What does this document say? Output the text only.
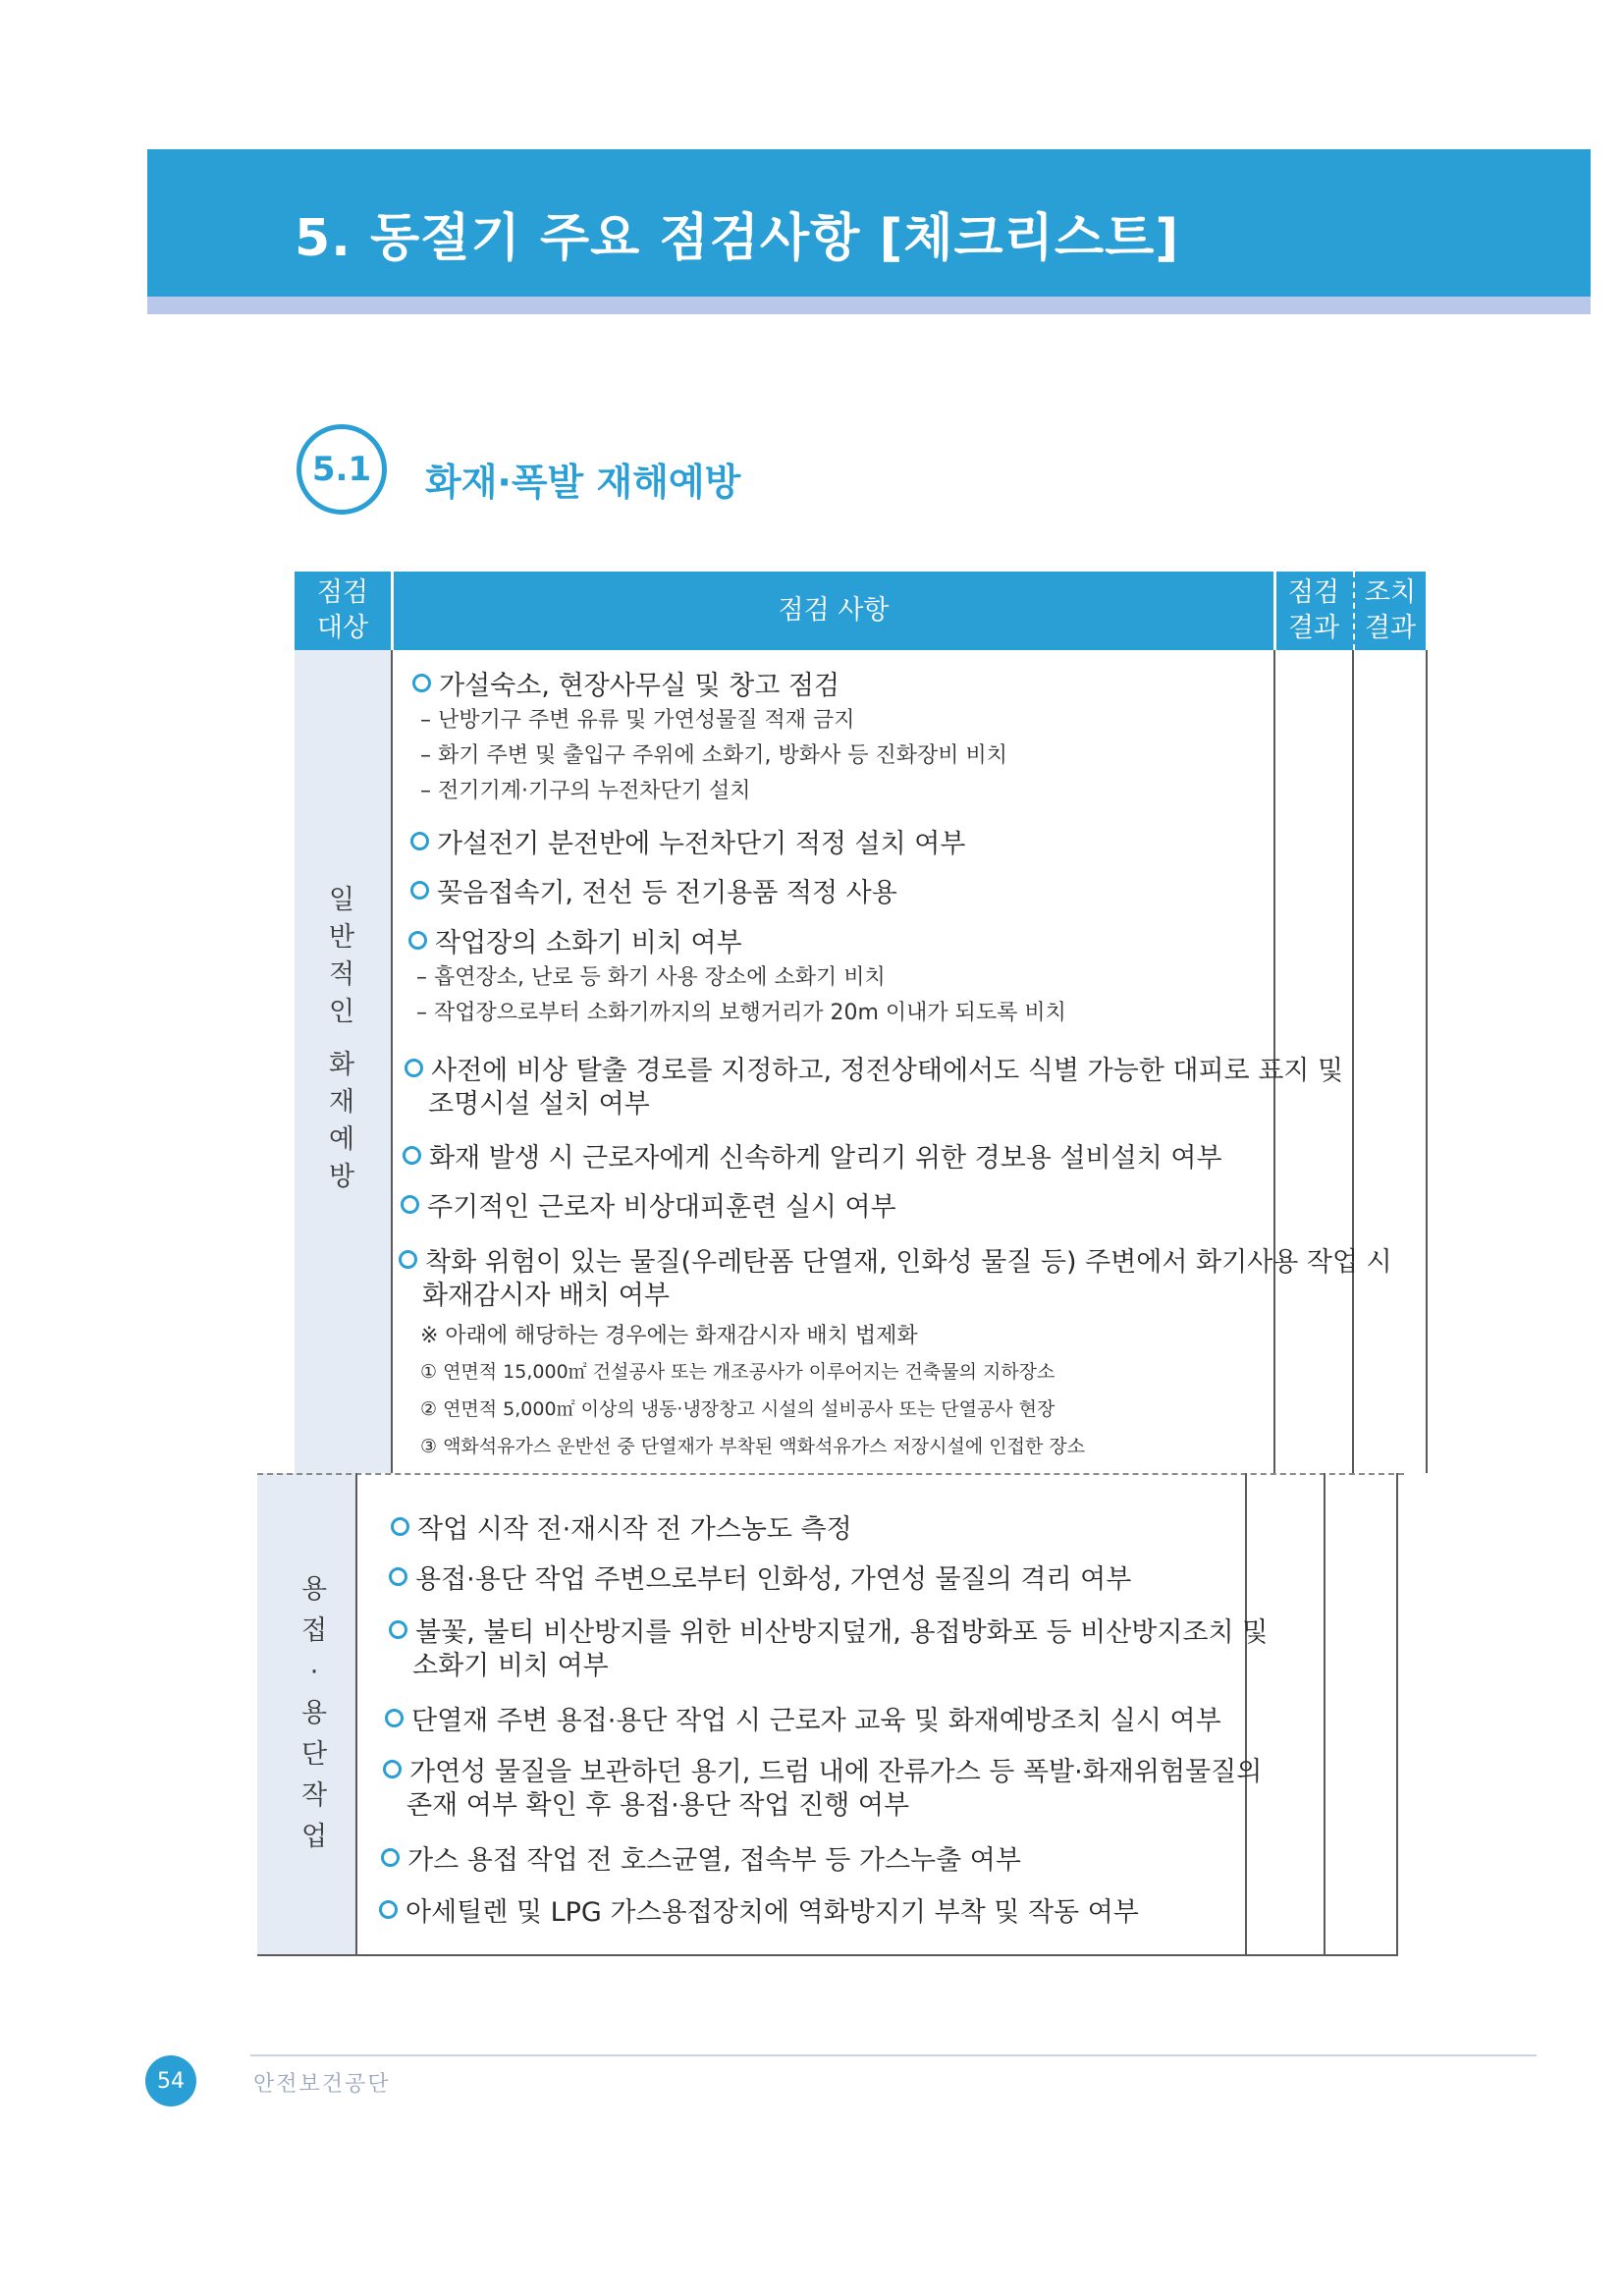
5. 동절기 주요 점검사항 [체크리스트]
5.1	화재·폭발 재해예방
점검
대상
점검 사항
점검
결과
조치
결과
일
반
적
인
화
재
예
방
용
접
·
용
단
작
업
가설숙소, 현장사무실 및 창고 점검
– 난방기구 주변 유류 및 가연성물질 적재 금지
– 화기 주변 및 출입구 주위에 소화기, 방화사 등 진화장비 비치
– 전기기계·기구의 누전차단기 설치
가설전기 분전반에 누전차단기 적정 설치 여부
꽂음접속기, 전선 등 전기용품 적정 사용
작업장의 소화기 비치 여부
– 흡연장소, 난로 등 화기 사용 장소에 소화기 비치
– 작업장으로부터 소화기까지의 보행거리가 20m 이내가 되도록 비치
사전에 비상 탈출 경로를 지정하고, 정전상태에서도 식별 가능한 대피로 표지 및
조명시설 설치 여부
화재 발생 시 근로자에게 신속하게 알리기 위한 경보용 설비설치 여부
주기적인 근로자 비상대피훈련 실시 여부
착화 위험이 있는 물질(우레탄폼 단열재, 인화성 물질 등) 주변에서 화기사용 작업 시
화재감시자 배치 여부
※ 아래에 해당하는 경우에는 화재감시자 배치 법제화
① 연면적 15,000㎡ 건설공사 또는 개조공사가 이루어지는 건축물의 지하장소
② 연면적 5,000㎡ 이상의 냉동·냉장창고 시설의 설비공사 또는 단열공사 현장
③ 액화석유가스 운반선 중 단열재가 부착된 액화석유가스 저장시설에 인접한 장소
작업 시작 전·재시작 전 가스농도 측정
용접·용단 작업 주변으로부터 인화성, 가연성 물질의 격리 여부
불꽃, 불티 비산방지를 위한 비산방지덮개, 용접방화포 등 비산방지조치 및
소화기 비치 여부
단열재 주변 용접·용단 작업 시 근로자 교육 및 화재예방조치 실시 여부
가연성 물질을 보관하던 용기, 드럼 내에 잔류가스 등 폭발·화재위험물질의
존재 여부 확인 후 용접·용단 작업 진행 여부
가스 용접 작업 전 호스균열, 접속부 등 가스누출 여부
아세틸렌 및 LPG 가스용접장치에 역화방지기 부착 및 작동 여부
54	안전보건공단
